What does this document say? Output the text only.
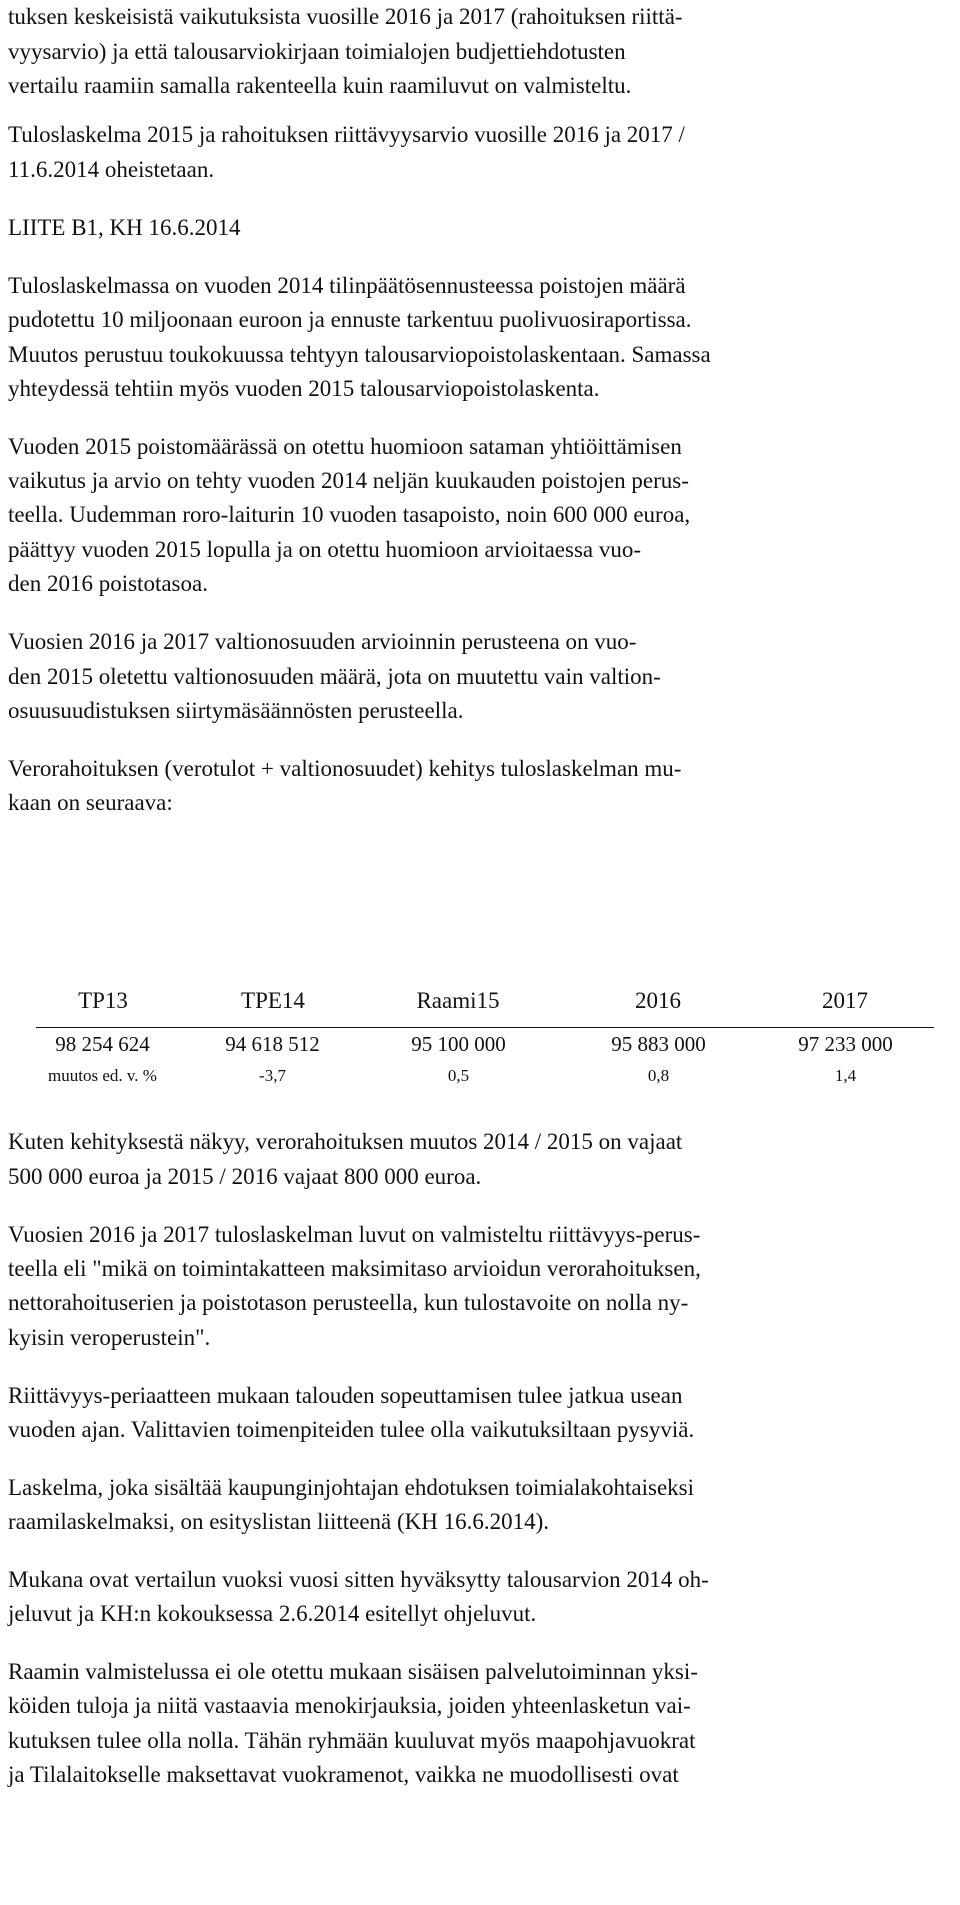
tuksen keskeisistä vaikutuksista vuosille 2016 ja 2017 (rahoituksen riittä-
vyysarvio) ja että talousarviokirjaan toimialojen budjettiehdotusten
vertailu raamiin samalla rakenteella kuin raamiluvut on valmisteltu.
Tuloslaskelma 2015 ja rahoituksen riittävyysarvio vuosille 2016 ja 2017 /
11.6.2014 oheistetaan.
LIITE B1, KH 16.6.2014
Tuloslaskelmassa on vuoden 2014 tilinpäätösennusteessa poistojen määrä
pudotettu 10 miljoonaan euroon ja ennuste tarkentuu puolivuosiraportissa.
Muutos perustuu toukokuussa tehtyyn talousarviopoistolaskentaan. Samassa
yhteydessä tehtiin myös vuoden 2015 talousarviopoistolaskenta.
Vuoden 2015 poistomäärässä on otettu huomioon sataman yhtiöittämisen
vaikutus ja arvio on tehty vuoden 2014 neljän kuukauden poistojen perus-
teella. Uudemman roro-laiturin 10 vuoden tasapoisto, noin 600 000 euroa,
päättyy vuoden 2015 lopulla ja on otettu huomioon arvioitaessa vuo-
den 2016 poistotasoa.
Vuosien 2016 ja 2017 valtionosuuden arvioinnin perusteena on vuo-
den 2015 oletettu valtionosuuden määrä, jota on muutettu vain valtion-
osuusuudistuksen siirtymäsäännösten perusteella.
Verorahoituksen (verotulot + valtionosuudet) kehitys tuloslaskelman mu-
kaan on seuraava:
TP13	TPE14	Raami15	2016	2017
98 254 624	94 618 512	95 100 000	95 883 000	97 233 000
muutos ed. v. %	-3,7	0,5	0,8	1,4
Kuten kehityksestä näkyy, verorahoituksen muutos 2014 / 2015 on vajaat
500 000 euroa ja 2015 / 2016 vajaat 800 000 euroa.
Vuosien 2016 ja 2017 tuloslaskelman luvut on valmisteltu riittävyys-perus-
teella eli "mikä on toimintakatteen maksimitaso arvioidun verorahoituksen,
nettorahoituserien ja poistotason perusteella, kun tulostavoite on nolla ny-
kyisin veroperustein".
Riittävyys-periaatteen mukaan talouden sopeuttamisen tulee jatkua usean
vuoden ajan. Valittavien toimenpiteiden tulee olla vaikutuksiltaan pysyviä.
Laskelma, joka sisältää kaupunginjohtajan ehdotuksen toimialakohtaiseksi
raamilaskelmaksi, on esityslistan liitteenä (KH 16.6.2014).
Mukana ovat vertailun vuoksi vuosi sitten hyväksytty talousarvion 2014 oh-
jeluvut ja KH:n kokouksessa 2.6.2014 esitellyt ohjeluvut.
Raamin valmistelussa ei ole otettu mukaan sisäisen palvelutoiminnan yksi-
köiden tuloja ja niitä vastaavia menokirjauksia, joiden yhteenlasketun vai-
kutuksen tulee olla nolla. Tähän ryhmään kuuluvat myös maapohjavuokrat
ja Tilalaitokselle maksettavat vuokramenot, vaikka ne muodollisesti ovat
